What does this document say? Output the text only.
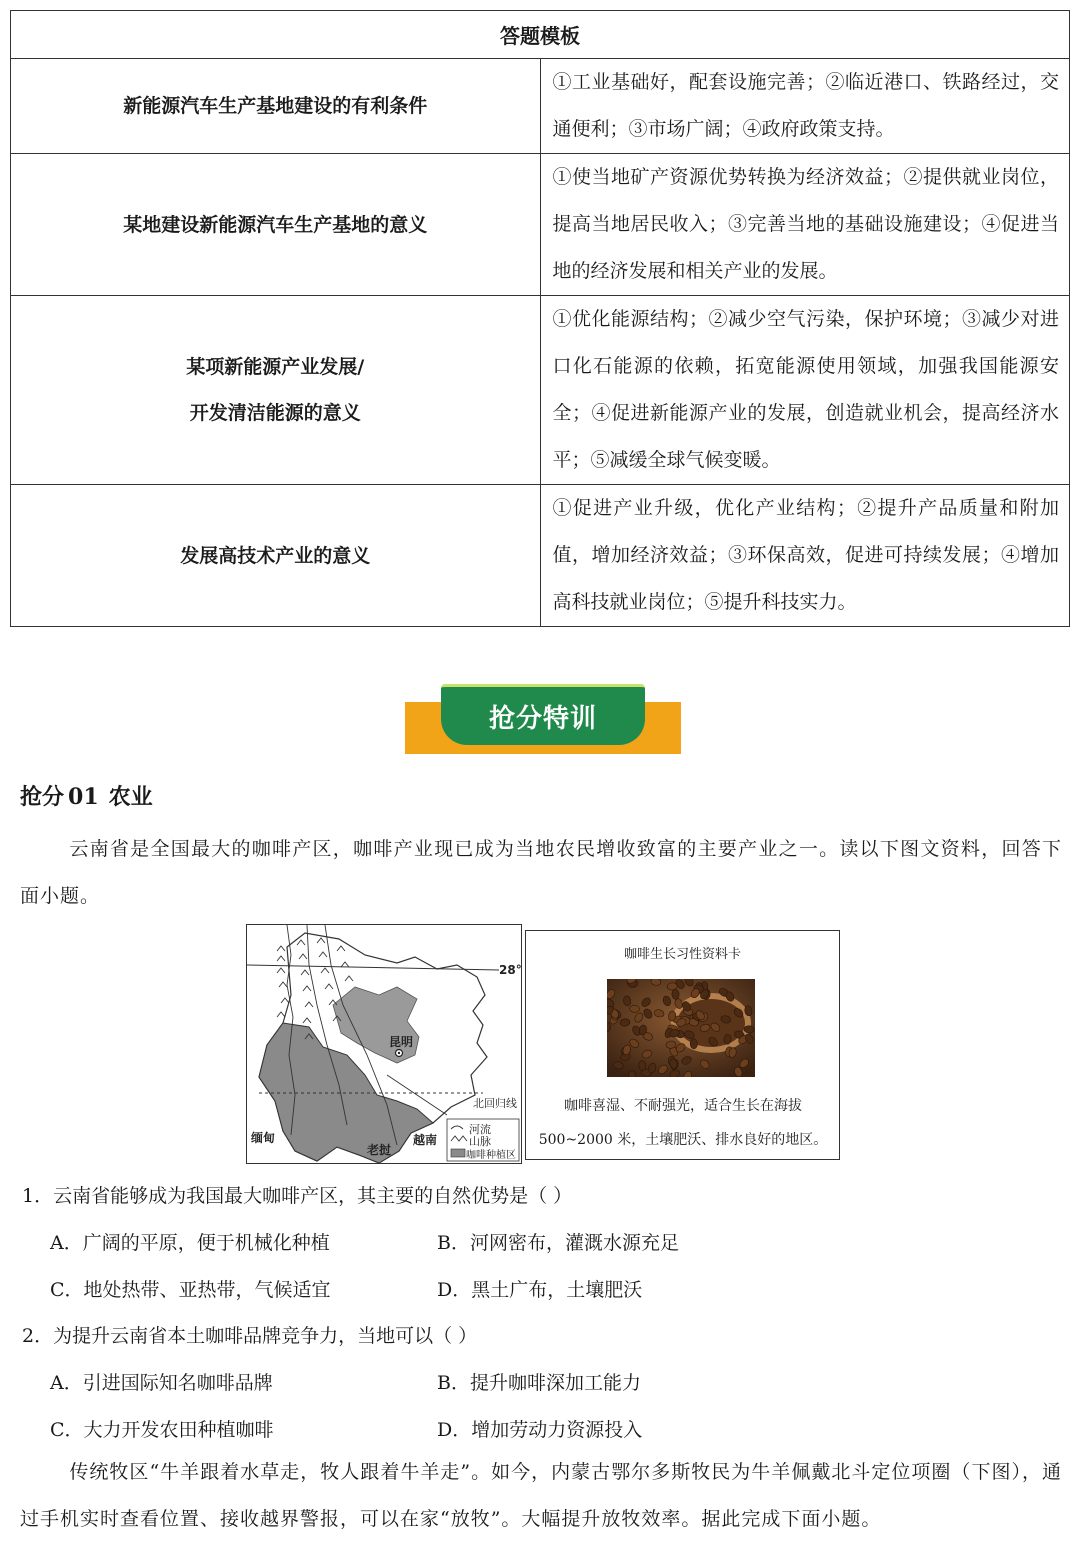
答题模板	
新能源汽车生产基地建设的有利条件	①工业基础好，配套设施完善；②临近港口、铁路经过，交通便利；③市场广阔；④政府政策支持。
某地建设新能源汽车生产基地的意义	①使当地矿产资源优势转换为经济效益；②提供就业岗位，提高当地居民收入；③完善当地的基础设施建设；④促进当地的经济发展和相关产业的发展。

某项新能源产业发展/
开发清洁能源的意义	①优化能源结构；②减少空气污染，保护环境；③减少对进口化石能源的依赖，拓宽能源使用领域，加强我国能源安全；④促进新能源产业的发展，创造就业机会，提高经济水平；⑤减缓全球气候变暖。
发展高技术产业的意义	①促进产业升级，优化产业结构；②提升产品质量和附加值，增加经济效益；③环保高效，促进可持续发展；④增加高科技就业岗位；⑤提升科技实力。
抢分特训
抢分 01 农业
云南省是全国最大的咖啡产区，咖啡产业现已成为当地农民增收致富的主要产业之一。读以下图文资料，回答下面小题。
28°
昆明
北回归线
缅甸
老挝
越南
河流
山脉
咖啡种植区
咖啡生长习性资料卡
咖啡喜湿、不耐强光，适合生长在海拔
500~2000 米，土壤肥沃、排水良好的地区。
1．云南省能够成为我国最大咖啡产区，其主要的自然优势是（ ）
A．广阔的平原，便于机械化种植	B．河网密布，灌溉水源充足
C．地处热带、亚热带，气候适宜	D．黑土广布，土壤肥沃
2．为提升云南省本土咖啡品牌竞争力，当地可以（ ）
A．引进国际知名咖啡品牌	B．提升咖啡深加工能力
C．大力开发农田种植咖啡	D．增加劳动力资源投入
传统牧区“牛羊跟着水草走，牧人跟着牛羊走”。如今，内蒙古鄂尔多斯牧民为牛羊佩戴北斗定位项圈（下图），通过手机实时查看位置、接收越界警报，可以在家“放牧”。大幅提升放牧效率。据此完成下面小题。
